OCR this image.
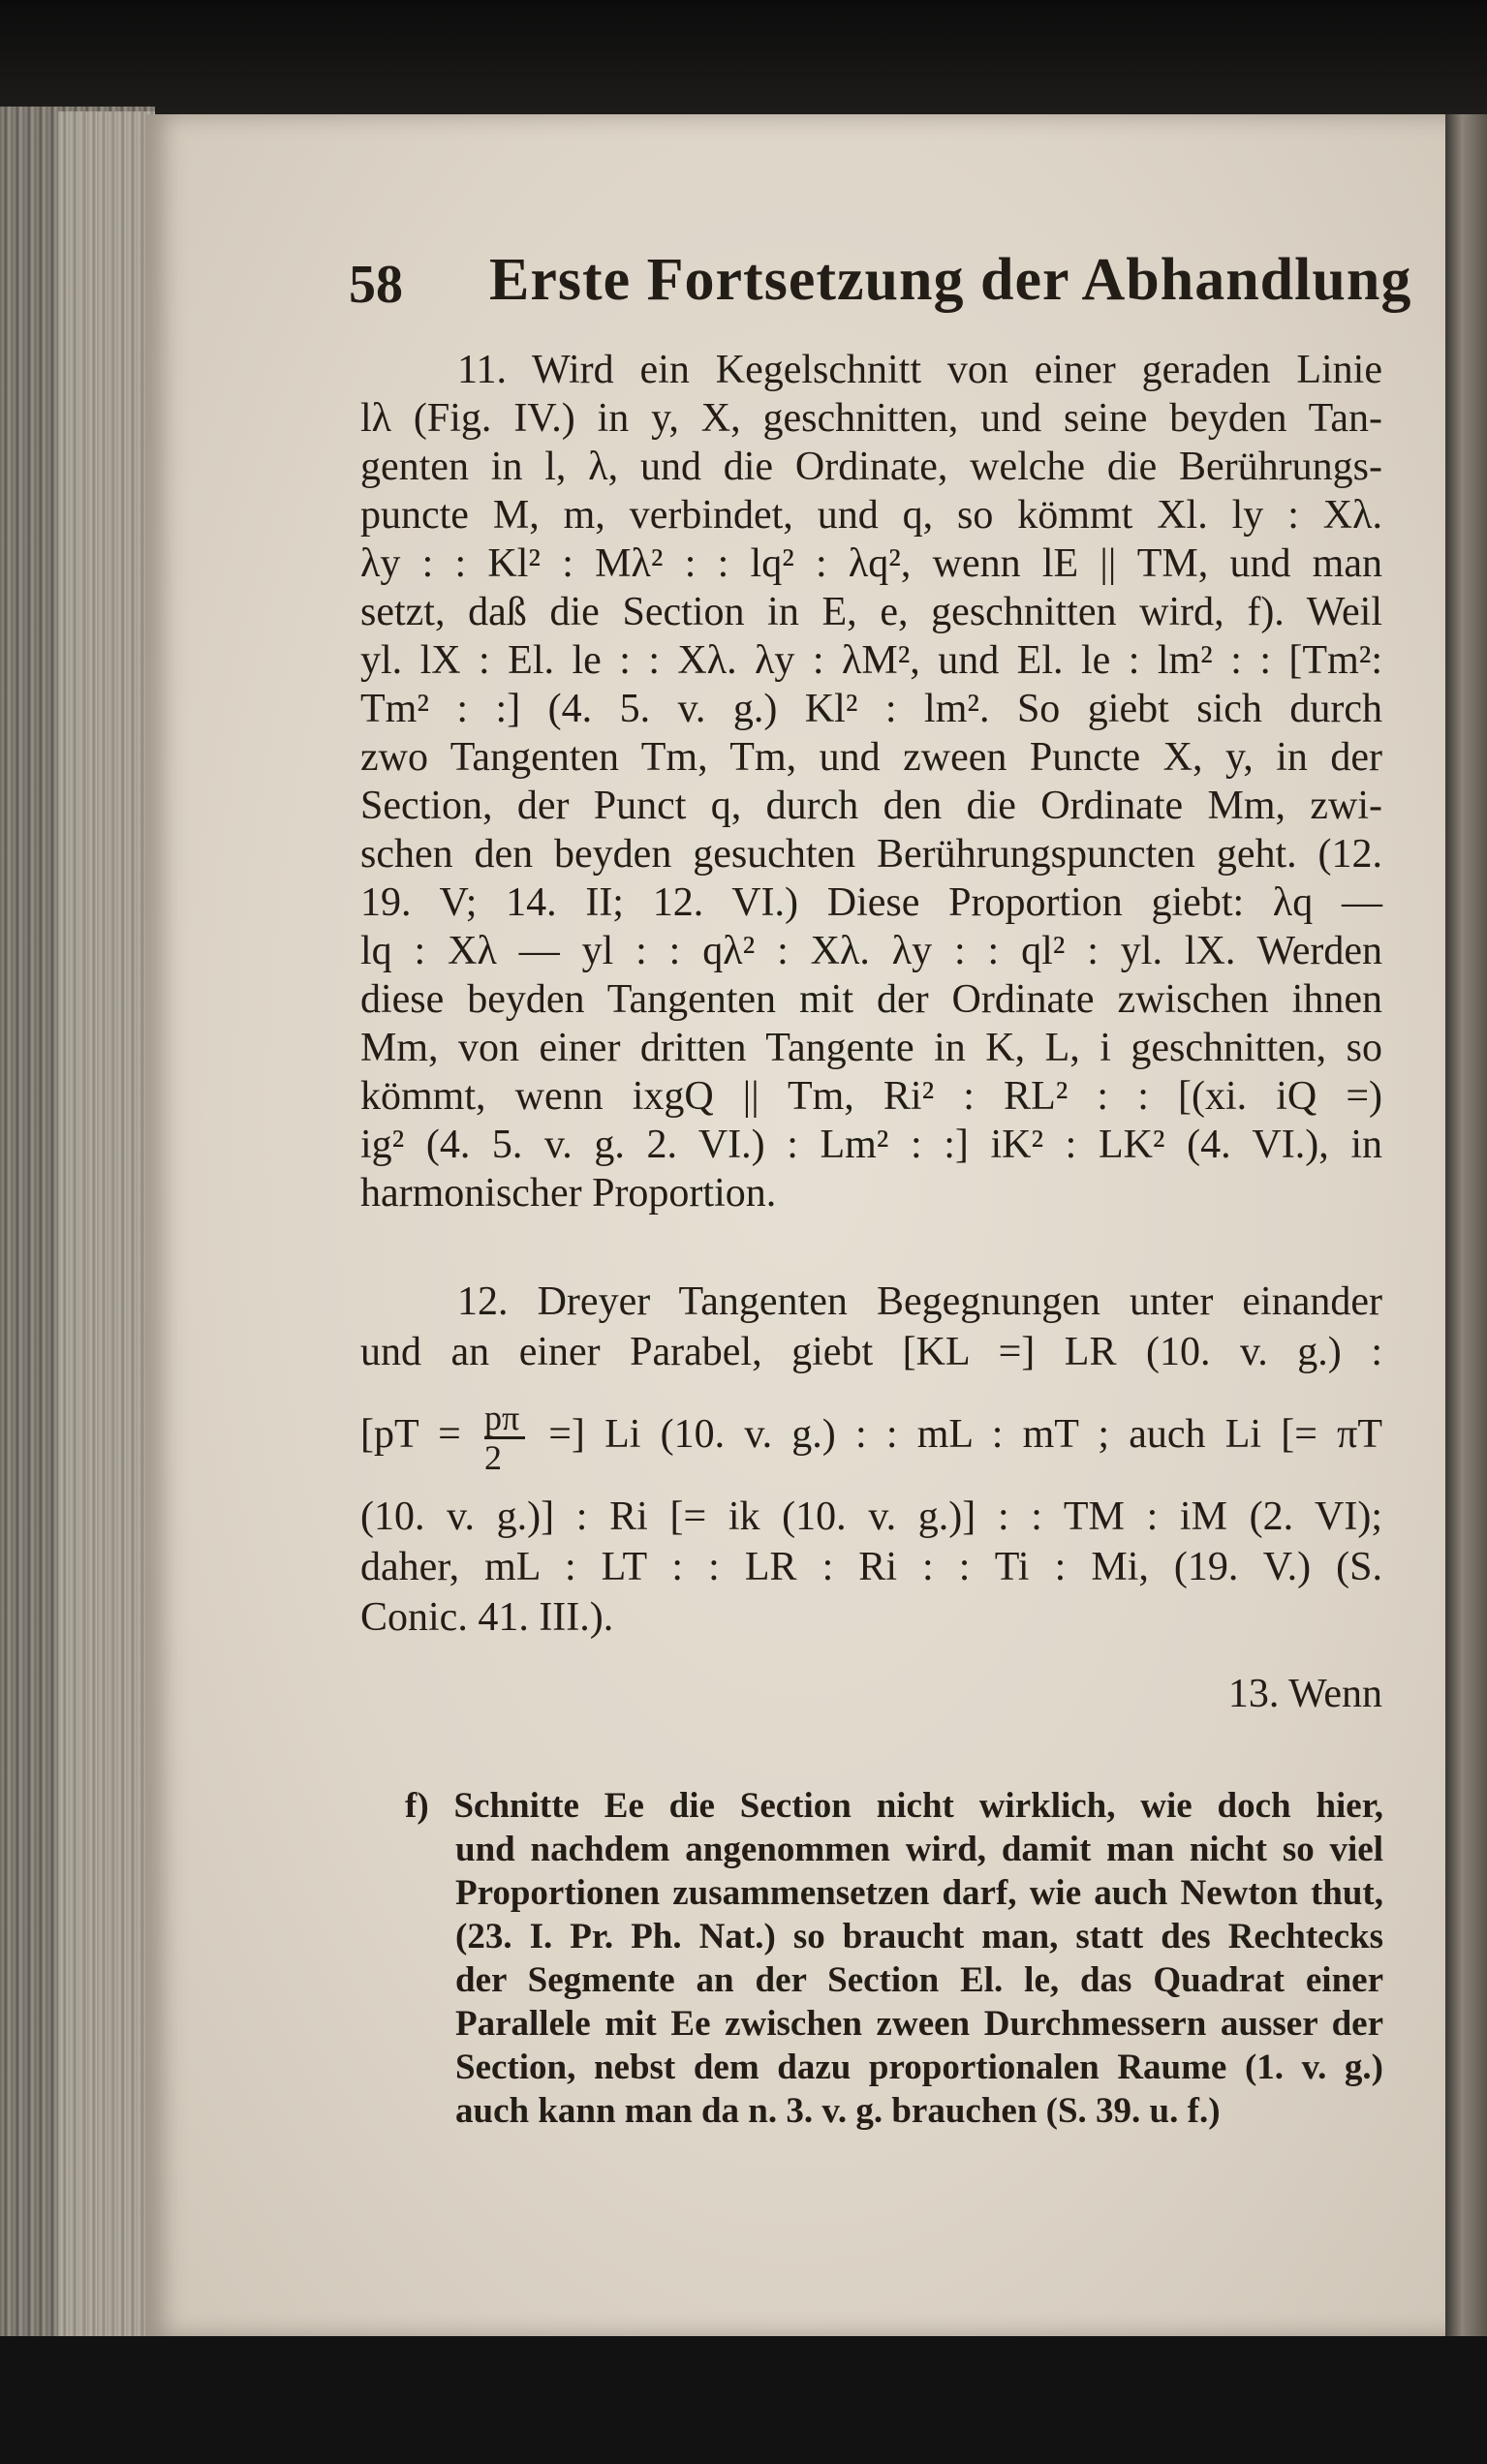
58 Erste Fortsetzung der Abhandlung
11. Wird ein Kegelschnitt von einer geraden Linie
lλ (Fig. IV.) in y, X, geschnitten, und seine beyden Tan-
genten in l, λ, und die Ordinate, welche die Berührungs-
puncte M, m, verbindet, und q, so kömmt Xl. ly : Xλ.
λy : : Kl² : Mλ² : : lq² : λq², wenn lE || TM, und man
setzt, daß die Section in E, e, geschnitten wird, f). Weil
yl. lX : El. le : : Xλ. λy : λM², und El. le : lm² : : [Tm²:
Tm² : :] (4. 5. v. g.) Kl² : lm². So giebt sich durch
zwo Tangenten Tm, Tm, und zween Puncte X, y, in der
Section, der Punct q, durch den die Ordinate Mm, zwi-
schen den beyden gesuchten Berührungspuncten geht. (12.
19. V; 14. II; 12. VI.) Diese Proportion giebt: λq —
lq : Xλ — yl : : qλ² : Xλ. λy : : ql² : yl. lX. Werden
diese beyden Tangenten mit der Ordinate zwischen ihnen
Mm, von einer dritten Tangente in K, L, i geschnitten, so
kömmt, wenn ixgQ || Tm, Ri² : RL² : : [(xi. iQ =)
ig² (4. 5. v. g. 2. VI.) : Lm² : :] iK² : LK² (4. VI.), in
harmonischer Proportion.
12. Dreyer Tangenten Begegnungen unter einander
und an einer Parabel, giebt [KL =] LR (10. v. g.) :
[$pT = \frac{p\pi}{2}$ =] Li (10. v. g.) : : mL : mT ; auch Li [= πT
(10. v. g.)] : Ri [= ik (10. v. g.)] : : TM : iM (2. VI);
daher, mL : LT : : LR : Ri : : Ti : Mi, (19. V.) (S.
Conic. 41. III.).
13. Wenn
f) Schnitte Ee die Section nicht wirklich, wie doch hier,
und nachdem angenommen wird, damit man nicht so viel
Proportionen zusammensetzen darf, wie auch Newton thut,
(23. I. Pr. Ph. Nat.) so braucht man, statt des Rechtecks
der Segmente an der Section El. le, das Quadrat einer
Parallele mit Ee zwischen zween Durchmessern ausser der
Section, nebst dem dazu proportionalen Raume (1. v. g.)
auch kann man da n. 3. v. g. brauchen (S. 39. u. f.)
